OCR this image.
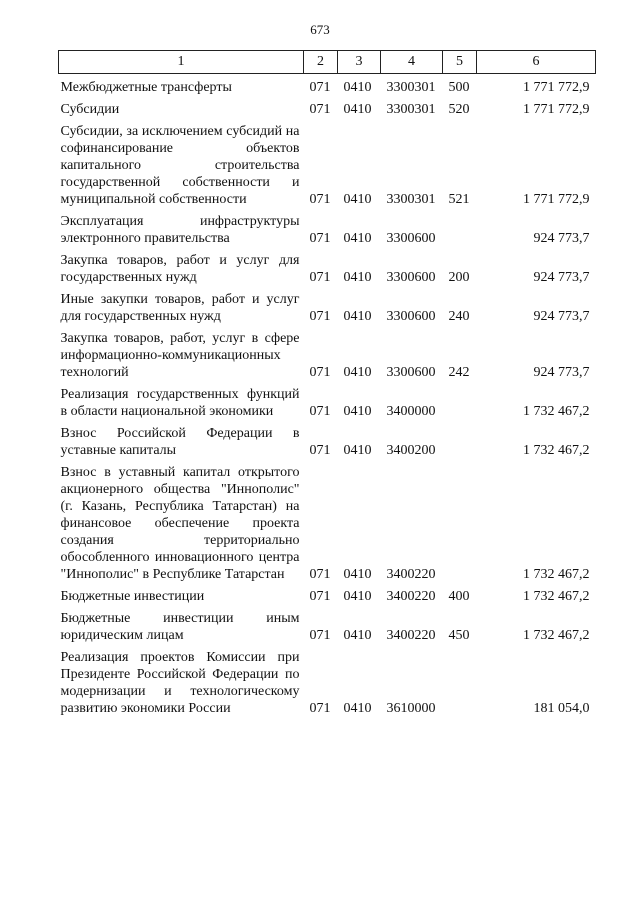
673
1	2	3	4	5	6
Межбюджетные трансферты	071	0410	3300301	500	1 771 772,9
Субсидии	071	0410	3300301	520	1 771 772,9
Субсидии, за исключением субсидий на софинансирование объектов капитального строительства государственной собственности и муниципальной собственности	071	0410	3300301	521	1 771 772,9
Эксплуатация инфраструктуры электронного правительства	071	0410	3300600		924 773,7
Закупка товаров, работ и услуг для государственных нужд	071	0410	3300600	200	924 773,7
Иные закупки товаров, работ и услуг для государственных нужд	071	0410	3300600	240	924 773,7
Закупка товаров, работ, услуг в сфере информационно-коммуникационных технологий	071	0410	3300600	242	924 773,7
Реализация государственных функций в области национальной экономики	071	0410	3400000		1 732 467,2
Взнос Российской Федерации в уставные капиталы	071	0410	3400200		1 732 467,2
Взнос в уставный капитал открытого акционерного общества "Иннополис" (г. Казань, Республика Татарстан) на финансовое обеспечение проекта создания территориально обособленного инновационного центра "Иннополис" в Республике Татарстан	071	0410	3400220		1 732 467,2
Бюджетные инвестиции	071	0410	3400220	400	1 732 467,2
Бюджетные инвестиции иным юридическим лицам	071	0410	3400220	450	1 732 467,2
Реализация проектов Комиссии при Президенте Российской Федерации по модернизации и технологическому развитию экономики России	071	0410	3610000		181 054,0
